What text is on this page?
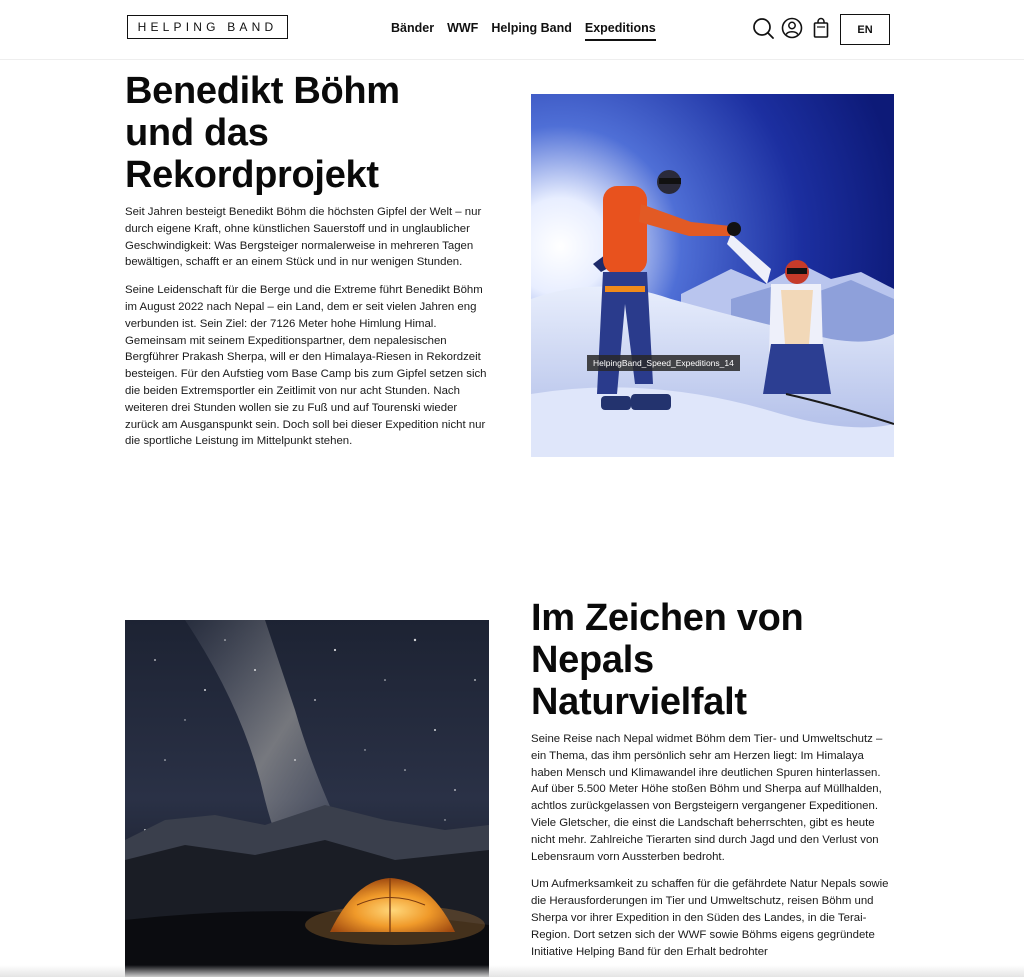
HELPING BAND	Bänder WWF Helping Band Expeditions	EN
Benedikt Böhm
und das
Rekordprojekt

Seit Jahren besteigt Benedikt Böhm die höchsten Gipfel der Welt – nur durch eigene Kraft, ohne künstlichen Sauerstoff und in unglaublicher Geschwindigkeit: Was Bergsteiger normalerweise in mehreren Tagen bewältigen, schafft er an einem Stück und in nur wenigen Stunden.

Seine Leidenschaft für die Berge und die Extreme führt Benedikt Böhm im August 2022 nach Nepal – ein Land, dem er seit vielen Jahren eng verbunden ist. Sein Ziel: der 7126 Meter hohe Himlung Himal. Gemeinsam mit seinem Expeditionspartner, dem nepalesischen Bergführer Prakash Sherpa, will er den Himalaya-Riesen in Rekordzeit besteigen. Für den Aufstieg vom Base Camp bis zum Gipfel setzen sich die beiden Extremsportler ein Zeitlimit von nur acht Stunden. Nach weiteren drei Stunden wollen sie zu Fuß und auf Tourenski wieder zurück am Ausganspunkt sein. Doch soll bei dieser Expedition nicht nur die sportliche Leistung im Mittelpunkt stehen.

HelpingBand_Speed_Expeditions_14
Im Zeichen von
Nepals
Naturvielfalt

Seine Reise nach Nepal widmet Böhm dem Tier- und Umweltschutz – ein Thema, das ihm persönlich sehr am Herzen liegt: Im Himalaya haben Mensch und Klimawandel ihre deutlichen Spuren hinterlassen. Auf über 5.500 Meter Höhe stoßen Böhm und Sherpa auf Müllhalden, achtlos zurückgelassen von Bergsteigern vergangener Expeditionen. Viele Gletscher, die einst die Landschaft beherrschten, gibt es heute nicht mehr. Zahlreiche Tierarten sind durch Jagd und den Verlust von Lebensraum vorn Aussterben bedroht.

Um Aufmerksamkeit zu schaffen für die gefährdete Natur Nepals sowie die Herausforderungen im Tier und Umweltschutz, reisen Böhm und Sherpa vor ihrer Expedition in den Süden des Landes, in die Terai-Region. Dort setzen sich der WWF sowie Böhms eigens gegründete Initiative Helping Band für den Erhalt bedrohter
